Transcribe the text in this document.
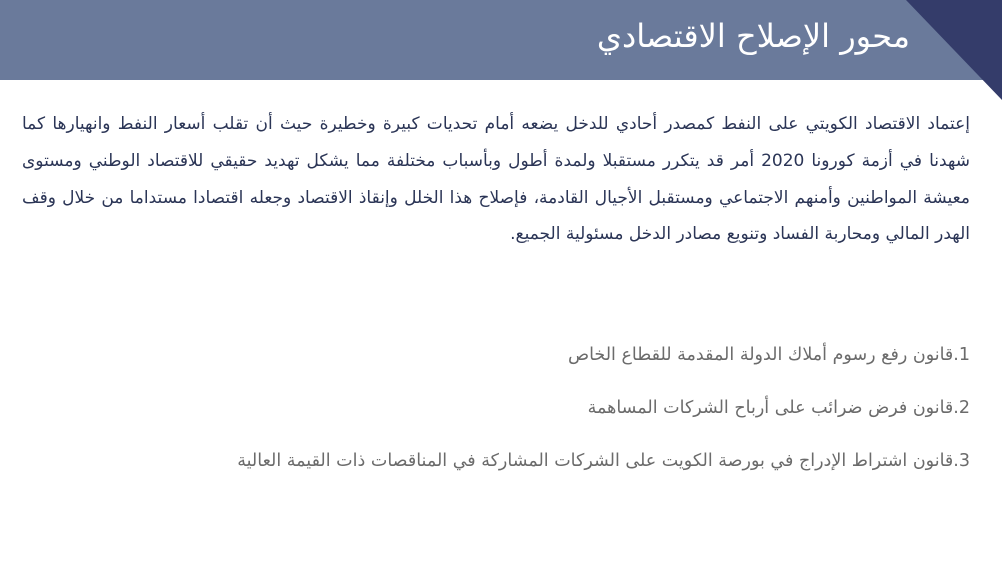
محور الإصلاح الاقتصادي

إعتماد الاقتصاد الكويتي على النفط كمصدر أحادي للدخل يضعه أمام تحديات كبيرة وخطيرة حيث أن تقلب أسعار النفط وانهيارها كما شهدنا في أزمة كورونا 2020 أمر قد يتكرر مستقبلا ولمدة أطول وبأسباب مختلفة مما يشكل تهديد حقيقي للاقتصاد الوطني ومستوى معيشة المواطنين وأمنهم الاجتماعي ومستقبل الأجيال القادمة، فإصلاح هذا الخلل وإنقاذ الاقتصاد وجعله اقتصادا مستداما من خلال وقف الهدر المالي ومحاربة الفساد وتنويع مصادر الدخل مسئولية الجميع.

1.قانون رفع رسوم أملاك الدولة المقدمة للقطاع الخاص
2.قانون فرض ضرائب على أرباح الشركات المساهمة
3.قانون اشتراط الإدراج في بورصة الكويت على الشركات المشاركة في المناقصات ذات القيمة العالية
